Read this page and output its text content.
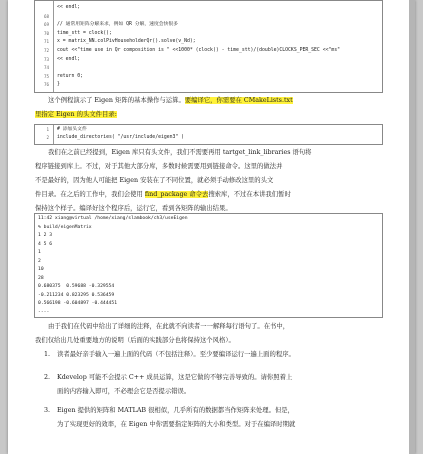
<< endl;
68
69 // 通常用矩阵分解来求，例如 QR 分解，速度会快很多
70 time_stt = clock();
71 x = matrix_NN.colPivHouseholderQr().solve(v_Nd);
72 cout <<"time use in Qr composition is " <<1000* (clock() - time_stt)/(double)CLOCKS_PER_SEC <<"ms"
73 << endl;
74
75 return 0;
76 }
这个例程演示了 Eigen 矩阵的基本操作与运算。要编译它，你需要在 CMakeLists.txt
里指定 Eigen 的头文件目录:
1 # 添加头文件
2 include_directories( "/usr/include/eigen3" )
我们在之前已经提到，Eigen 库只有头文件，我们不需要再用 tartget_link_libraries 语句将
程序链接到库上。不过，对于其他大部分库，多数时候需要用到链接命令。这里的做法并
不是最好的，因为他人可能把 Eigen 安装在了不同位置，就必须手动修改这里的头文
件目录。在之后的工作中，我们会使用 find_package 命令去搜索库，不过在本讲我们暂时
保持这个样子。编译好这个程序后，运行它，看到各矩阵的输出结果。
11:42 xiang@virtual /home/xiang/slambook/ch3/useEigen
% build/eigenMatrix
1 2 3
4 5 6
1
2
10
28
0.680375  0.59688 -0.329554
-0.211234 0.823295 0.536459
0.566198 -0.604897 -0.444451
----
由于我们在代码中给出了详细的注释，在此就不向读者一一解释每行语句了。在书中，
我们仅给出几处重要地方的说明（后面的实践部分也将保持这个风格）。
1. 读者最好亲手输入一遍上面的代码（不包括注释）。至少要编译运行一遍上面的程序。
2. Kdevelop 可能不会提示 C++ 成员运算，这是它做的不够完善导致的。请你照着上
面的内容输入即可，不必理会它是否提示错误。
3. Eigen 提供的矩阵和 MATLAB 很相似，几乎所有的数据都当作矩阵来处理。但是，
为了实现更好的效率，在 Eigen 中你需要指定矩阵的大小和类型。对于在编译时期就
